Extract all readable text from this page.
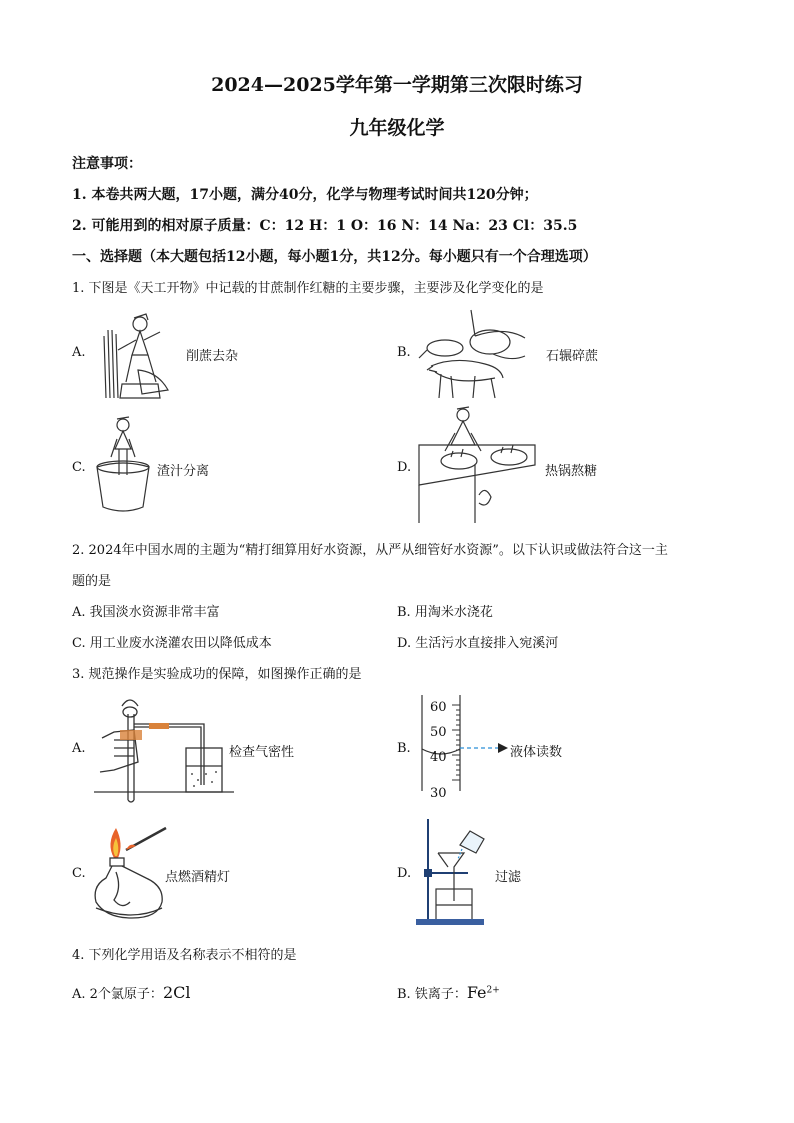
2024—2025学年第一学期第三次限时练习
九年级化学
注意事项：
1. 本卷共两大题，17小题，满分40分，化学与物理考试时间共120分钟；
2. 可能用到的相对原子质量：C：12 H：1 O：16 N：14 Na：23 Cl：35.5
一、选择题（本大题包括12小题，每小题1分，共12分。每小题只有一个合理选项）
1. 下图是《天工开物》中记载的甘蔗制作红糖的主要步骤，主要涉及化学变化的是
A.	削蔗去杂	B.	石辗碎蔗
C.	渣汁分离	D.	热锅熬糖
2. 2024年中国水周的主题为“精打细算用好水资源，从严从细管好水资源”。以下认识或做法符合这一主
题的是
A. 我国淡水资源非常丰富	B. 用淘米水浇花
C. 用工业废水浇灌农田以降低成本	D. 生活污水直接排入宛溪河
3. 规范操作是实验成功的保障，如图操作正确的是
A.	检查气密性	B.
60
50
40
30
液体读数
C.	点燃酒精灯	D.	过滤
4. 下列化学用语及名称表示不相符的是
A. 2个氯原子：2Cl	B. 铁离子：$Fe^{2+}$
